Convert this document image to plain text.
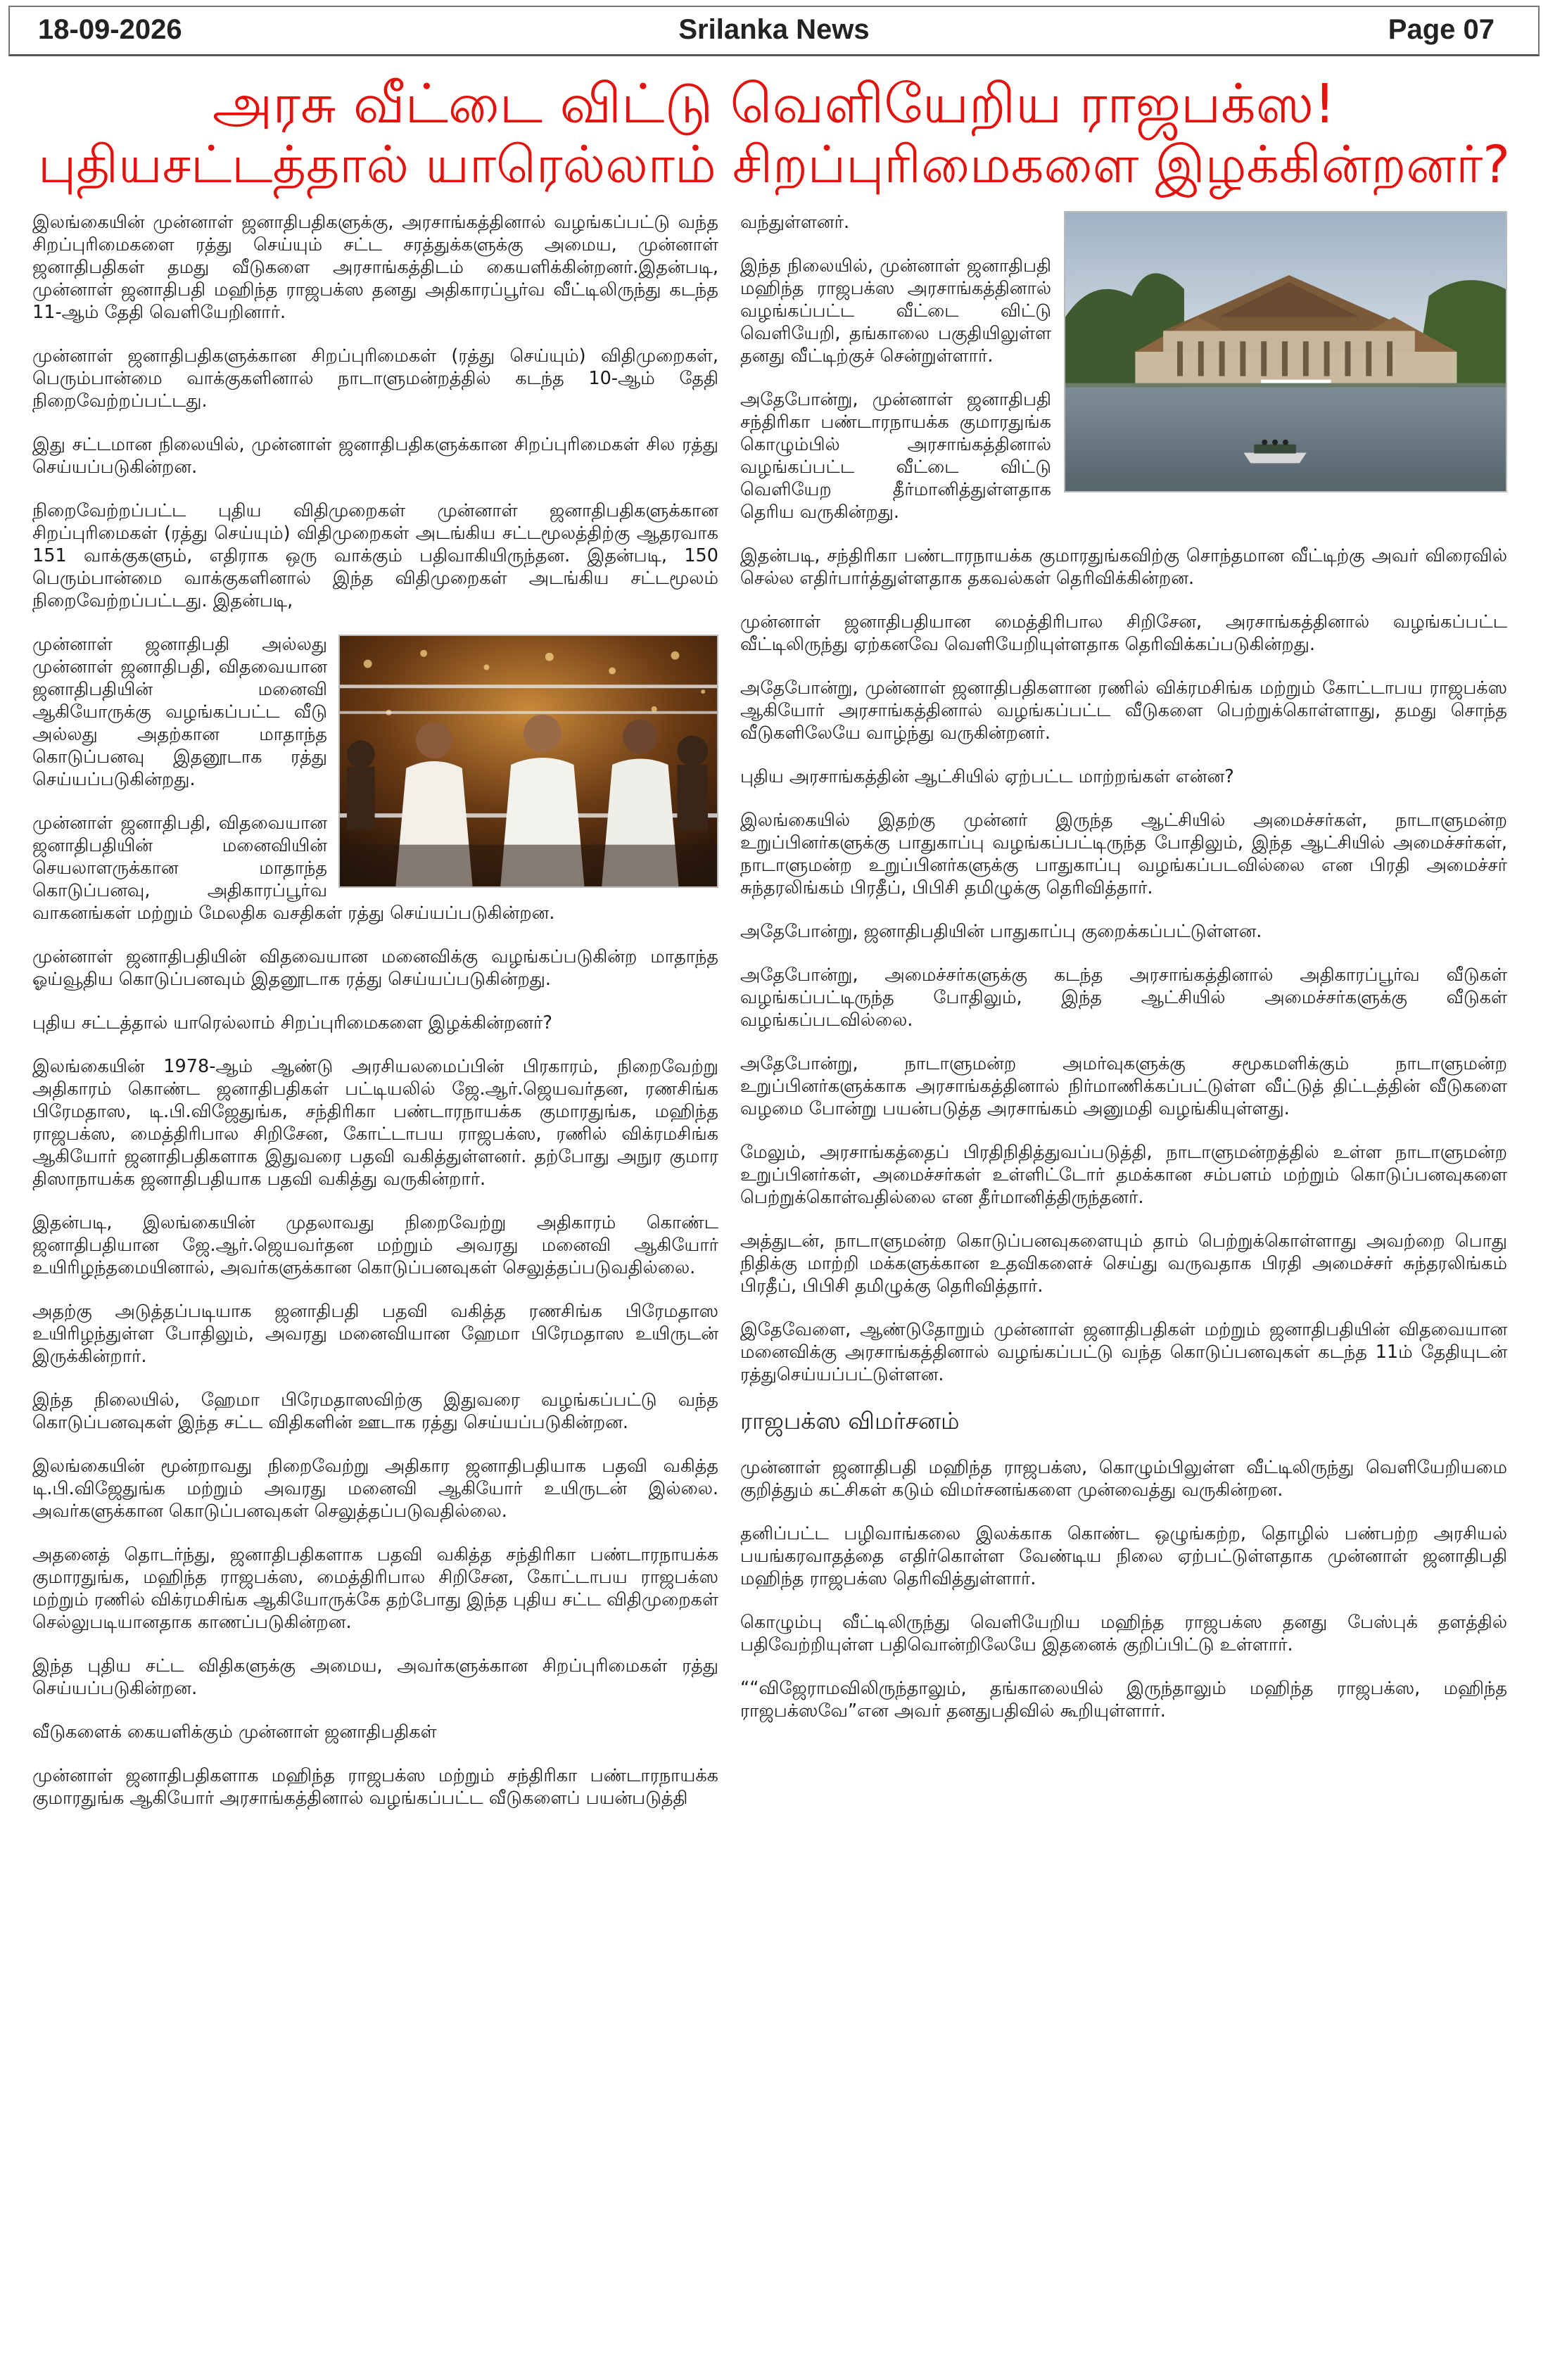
Srilanka News
18-09-2026	Page 07
அரசு வீட்டை விட்டு வெளியேறிய ராஜபக்ஸ!
புதியசட்டத்தால் யாரெல்லாம் சிறப்புரிமைகளை இழக்கின்றனர்?

இலங்கையின் முன்னாள் ஜனாதிபதிகளுக்கு, அரசாங்கத்தினால் வழங்கப்பட்டு வந்த சிறப்புரிமைகளை ரத்து செய்யும் சட்ட சரத்துக்களுக்கு அமைய, முன்னாள் ஜனாதிபதிகள் தமது வீடுகளை அரசாங்கத்திடம் கையளிக்கின்றனர்.இதன்படி, முன்னாள் ஜனாதிபதி மஹிந்த ராஜபக்ஸ தனது அதிகாரப்பூர்வ வீட்டிலிருந்து கடந்த 11-ஆம் தேதி வெளியேறினார்.

முன்னாள் ஜனாதிபதிகளுக்கான சிறப்புரிமைகள் (ரத்து செய்யும்) விதிமுறைகள், பெரும்பான்மை வாக்குகளினால் நாடாளுமன்றத்தில் கடந்த 10-ஆம் தேதி நிறைவேற்றப்பட்டது.

இது சட்டமான நிலையில், முன்னாள் ஜனாதிபதிகளுக்கான சிறப்புரிமைகள் சில ரத்து செய்யப்படுகின்றன.

நிறைவேற்றப்பட்ட புதிய விதிமுறைகள் முன்னாள் ஜனாதிபதிகளுக்கான சிறப்புரிமைகள் (ரத்து செய்யும்) விதிமுறைகள் அடங்கிய சட்டமூலத்திற்கு ஆதரவாக 151 வாக்குகளும், எதிராக ஒரு வாக்கும் பதிவாகியிருந்தன. இதன்படி, 150 பெரும்பான்மை வாக்குகளினால் இந்த விதிமுறைகள் அடங்கிய சட்டமூலம் நிறைவேற்றப்பட்டது. இதன்படி,

முன்னாள் ஜனாதிபதி அல்லது முன்னாள் ஜனாதிபதி, விதவையான ஜனாதிபதியின் மனைவி ஆகியோருக்கு வழங்கப்பட்ட வீடு அல்லது அதற்கான மாதாந்த கொடுப்பனவு இதனூடாக ரத்து செய்யப்படுகின்றது.

முன்னாள் ஜனாதிபதி, விதவையான ஜனாதிபதியின் மனைவியின் செயலாளருக்கான மாதாந்த கொடுப்பனவு, அதிகாரப்பூர்வ வாகனங்கள் மற்றும் மேலதிக வசதிகள் ரத்து செய்யப்படுகின்றன.

முன்னாள் ஜனாதிபதியின் விதவையான மனைவிக்கு வழங்கப்படுகின்ற மாதாந்த ஓய்வூதிய கொடுப்பனவும் இதனூடாக ரத்து செய்யப்படுகின்றது.

புதிய சட்டத்தால் யாரெல்லாம் சிறப்புரிமைகளை இழக்கின்றனர்?

இலங்கையின் 1978-ஆம் ஆண்டு அரசியலமைப்பின் பிரகாரம், நிறைவேற்று அதிகாரம் கொண்ட ஜனாதிபதிகள் பட்டியலில் ஜே.ஆர்.ஜெயவர்தன, ரணசிங்க பிரேமதாஸ, டி.பி.விஜேதுங்க, சந்திரிகா பண்டாரநாயக்க குமாரதுங்க, மஹிந்த ராஜபக்ஸ, மைத்திரிபால சிறிசேன, கோட்டாபய ராஜபக்ஸ, ரணில் விக்ரமசிங்க ஆகியோர் ஜனாதிபதிகளாக இதுவரை பதவி வகித்துள்ளனர். தற்போது அநுர குமார திஸாநாயக்க ஜனாதிபதியாக பதவி வகித்து வருகின்றார்.

இதன்படி, இலங்கையின் முதலாவது நிறைவேற்று அதிகாரம் கொண்ட ஜனாதிபதியான ஜே.ஆர்.ஜெயவர்தன மற்றும் அவரது மனைவி ஆகியோர் உயிரிழந்தமையினால், அவர்களுக்கான கொடுப்பனவுகள் செலுத்தப்படுவதில்லை.

அதற்கு அடுத்தப்படியாக ஜனாதிபதி பதவி வகித்த ரணசிங்க பிரேமதாஸ உயிரிழந்துள்ள போதிலும், அவரது மனைவியான ஹேமா பிரேமதாஸ உயிருடன் இருக்கின்றார்.

இந்த நிலையில், ஹேமா பிரேமதாஸவிற்கு இதுவரை வழங்கப்பட்டு வந்த கொடுப்பனவுகள் இந்த சட்ட விதிகளின் ஊடாக ரத்து செய்யப்படுகின்றன.

இலங்கையின் மூன்றாவது நிறைவேற்று அதிகார ஜனாதிபதியாக பதவி வகித்த டி.பி.விஜேதுங்க மற்றும் அவரது மனைவி ஆகியோர் உயிருடன் இல்லை. அவர்களுக்கான கொடுப்பனவுகள் செலுத்தப்படுவதில்லை.

அதனைத் தொடர்ந்து, ஜனாதிபதிகளாக பதவி வகித்த சந்திரிகா பண்டாரநாயக்க குமாரதுங்க, மஹிந்த ராஜபக்ஸ, மைத்திரிபால சிறிசேன, கோட்டாபய ராஜபக்ஸ மற்றும் ரணில் விக்ரமசிங்க ஆகியோருக்கே தற்போது இந்த புதிய சட்ட விதிமுறைகள் செல்லுபடியானதாக காணப்படுகின்றன.

இந்த புதிய சட்ட விதிகளுக்கு அமைய, அவர்களுக்கான சிறப்புரிமைகள் ரத்து செய்யப்படுகின்றன.

வீடுகளைக் கையளிக்கும் முன்னாள் ஜனாதிபதிகள்

முன்னாள் ஜனாதிபதிகளாக மஹிந்த ராஜபக்ஸ மற்றும் சந்திரிகா பண்டாரநாயக்க குமாரதுங்க ஆகியோர் அரசாங்கத்தினால் வழங்கப்பட்ட வீடுகளைப் பயன்படுத்தி

வந்துள்ளனர்.

இந்த நிலையில், முன்னாள் ஜனாதிபதி மஹிந்த ராஜபக்ஸ அரசாங்கத்தினால் வழங்கப்பட்ட வீட்டை விட்டு வெளியேறி, தங்காலை பகுதியிலுள்ள தனது வீட்டிற்குச் சென்றுள்ளார்.

அதேபோன்று, முன்னாள் ஜனாதிபதி சந்திரிகா பண்டாரநாயக்க குமாரதுங்க கொழும்பில் அரசாங்கத்தினால் வழங்கப்பட்ட வீட்டை விட்டு வெளியேற தீர்மானித்துள்ளதாக தெரிய வருகின்றது.

இதன்படி, சந்திரிகா பண்டாரநாயக்க குமாரதுங்கவிற்கு சொந்தமான வீட்டிற்கு அவர் விரைவில் செல்ல எதிர்பார்த்துள்ளதாக தகவல்கள் தெரிவிக்கின்றன.

முன்னாள் ஜனாதிபதியான மைத்திரிபால சிறிசேன, அரசாங்கத்தினால் வழங்கப்பட்ட வீட்டிலிருந்து ஏற்கனவே வெளியேறியுள்ளதாக தெரிவிக்கப்படுகின்றது.

அதேபோன்று, முன்னாள் ஜனாதிபதிகளான ரணில் விக்ரமசிங்க மற்றும் கோட்டாபய ராஜபக்ஸ ஆகியோர் அரசாங்கத்தினால் வழங்கப்பட்ட வீடுகளை பெற்றுக்கொள்ளாது, தமது சொந்த வீடுகளிலேயே வாழ்ந்து வருகின்றனர்.

புதிய அரசாங்கத்தின் ஆட்சியில் ஏற்பட்ட மாற்றங்கள் என்ன?

இலங்கையில் இதற்கு முன்னர் இருந்த ஆட்சியில் அமைச்சர்கள், நாடாளுமன்ற உறுப்பினர்களுக்கு பாதுகாப்பு வழங்கப்பட்டிருந்த போதிலும், இந்த ஆட்சியில் அமைச்சர்கள், நாடாளுமன்ற உறுப்பினர்களுக்கு பாதுகாப்பு வழங்கப்படவில்லை என பிரதி அமைச்சர் சுந்தரலிங்கம் பிரதீப், பிபிசி தமிழுக்கு தெரிவித்தார்.

அதேபோன்று, ஜனாதிபதியின் பாதுகாப்பு குறைக்கப்பட்டுள்ளன.

அதேபோன்று, அமைச்சர்களுக்கு கடந்த அரசாங்கத்தினால் அதிகாரப்பூர்வ வீடுகள் வழங்கப்பட்டிருந்த போதிலும், இந்த ஆட்சியில் அமைச்சர்களுக்கு வீடுகள் வழங்கப்படவில்லை.

அதேபோன்று, நாடாளுமன்ற அமர்வுகளுக்கு சமூகமளிக்கும் நாடாளுமன்ற உறுப்பினர்களுக்காக அரசாங்கத்தினால் நிர்மாணிக்கப்பட்டுள்ள வீட்டுத் திட்டத்தின் வீடுகளை வழமை போன்று பயன்படுத்த அரசாங்கம் அனுமதி வழங்கியுள்ளது.

மேலும், அரசாங்கத்தைப் பிரதிநிதித்துவப்படுத்தி, நாடாளுமன்றத்தில் உள்ள நாடாளுமன்ற உறுப்பினர்கள், அமைச்சர்கள் உள்ளிட்டோர் தமக்கான சம்பளம் மற்றும் கொடுப்பனவுகளை பெற்றுக்கொள்வதில்லை என தீர்மானித்திருந்தனர்.

அத்துடன், நாடாளுமன்ற கொடுப்பனவுகளையும் தாம் பெற்றுக்கொள்ளாது அவற்றை பொது நிதிக்கு மாற்றி மக்களுக்கான உதவிகளைச் செய்து வருவதாக பிரதி அமைச்சர் சுந்தரலிங்கம் பிரதீப், பிபிசி தமிழுக்கு தெரிவித்தார்.

இதேவேளை, ஆண்டுதோறும் முன்னாள் ஜனாதிபதிகள் மற்றும் ஜனாதிபதியின் விதவையான மனைவிக்கு அரசாங்கத்தினால் வழங்கப்பட்டு வந்த கொடுப்பனவுகள் கடந்த 11ம் தேதியுடன் ரத்துசெய்யப்பட்டுள்ளன.

ராஜபக்ஸ விமர்சனம்

முன்னாள் ஜனாதிபதி மஹிந்த ராஜபக்ஸ, கொழும்பிலுள்ள வீட்டிலிருந்து வெளியேறியமை குறித்தும் கட்சிகள் கடும் விமர்சனங்களை முன்வைத்து வருகின்றன.

தனிப்பட்ட பழிவாங்கலை இலக்காக கொண்ட ஒழுங்கற்ற, தொழில் பண்பற்ற அரசியல் பயங்கரவாதத்தை எதிர்கொள்ள வேண்டிய நிலை ஏற்பட்டுள்ளதாக முன்னாள் ஜனாதிபதி மஹிந்த ராஜபக்ஸ தெரிவித்துள்ளார்.

கொழும்பு வீட்டிலிருந்து வெளியேறிய மஹிந்த ராஜபக்ஸ தனது பேஸ்புக் தளத்தில் பதிவேற்றியுள்ள பதிவொன்றிலேயே இதனைக் குறிப்பிட்டு உள்ளார்.

““விஜேராமவிலிருந்தாலும், தங்காலையில் இருந்தாலும் மஹிந்த ராஜபக்ஸ, மஹிந்த ராஜபக்ஸவே”என அவர் தனதுபதிவில் கூறியுள்ளார்.
